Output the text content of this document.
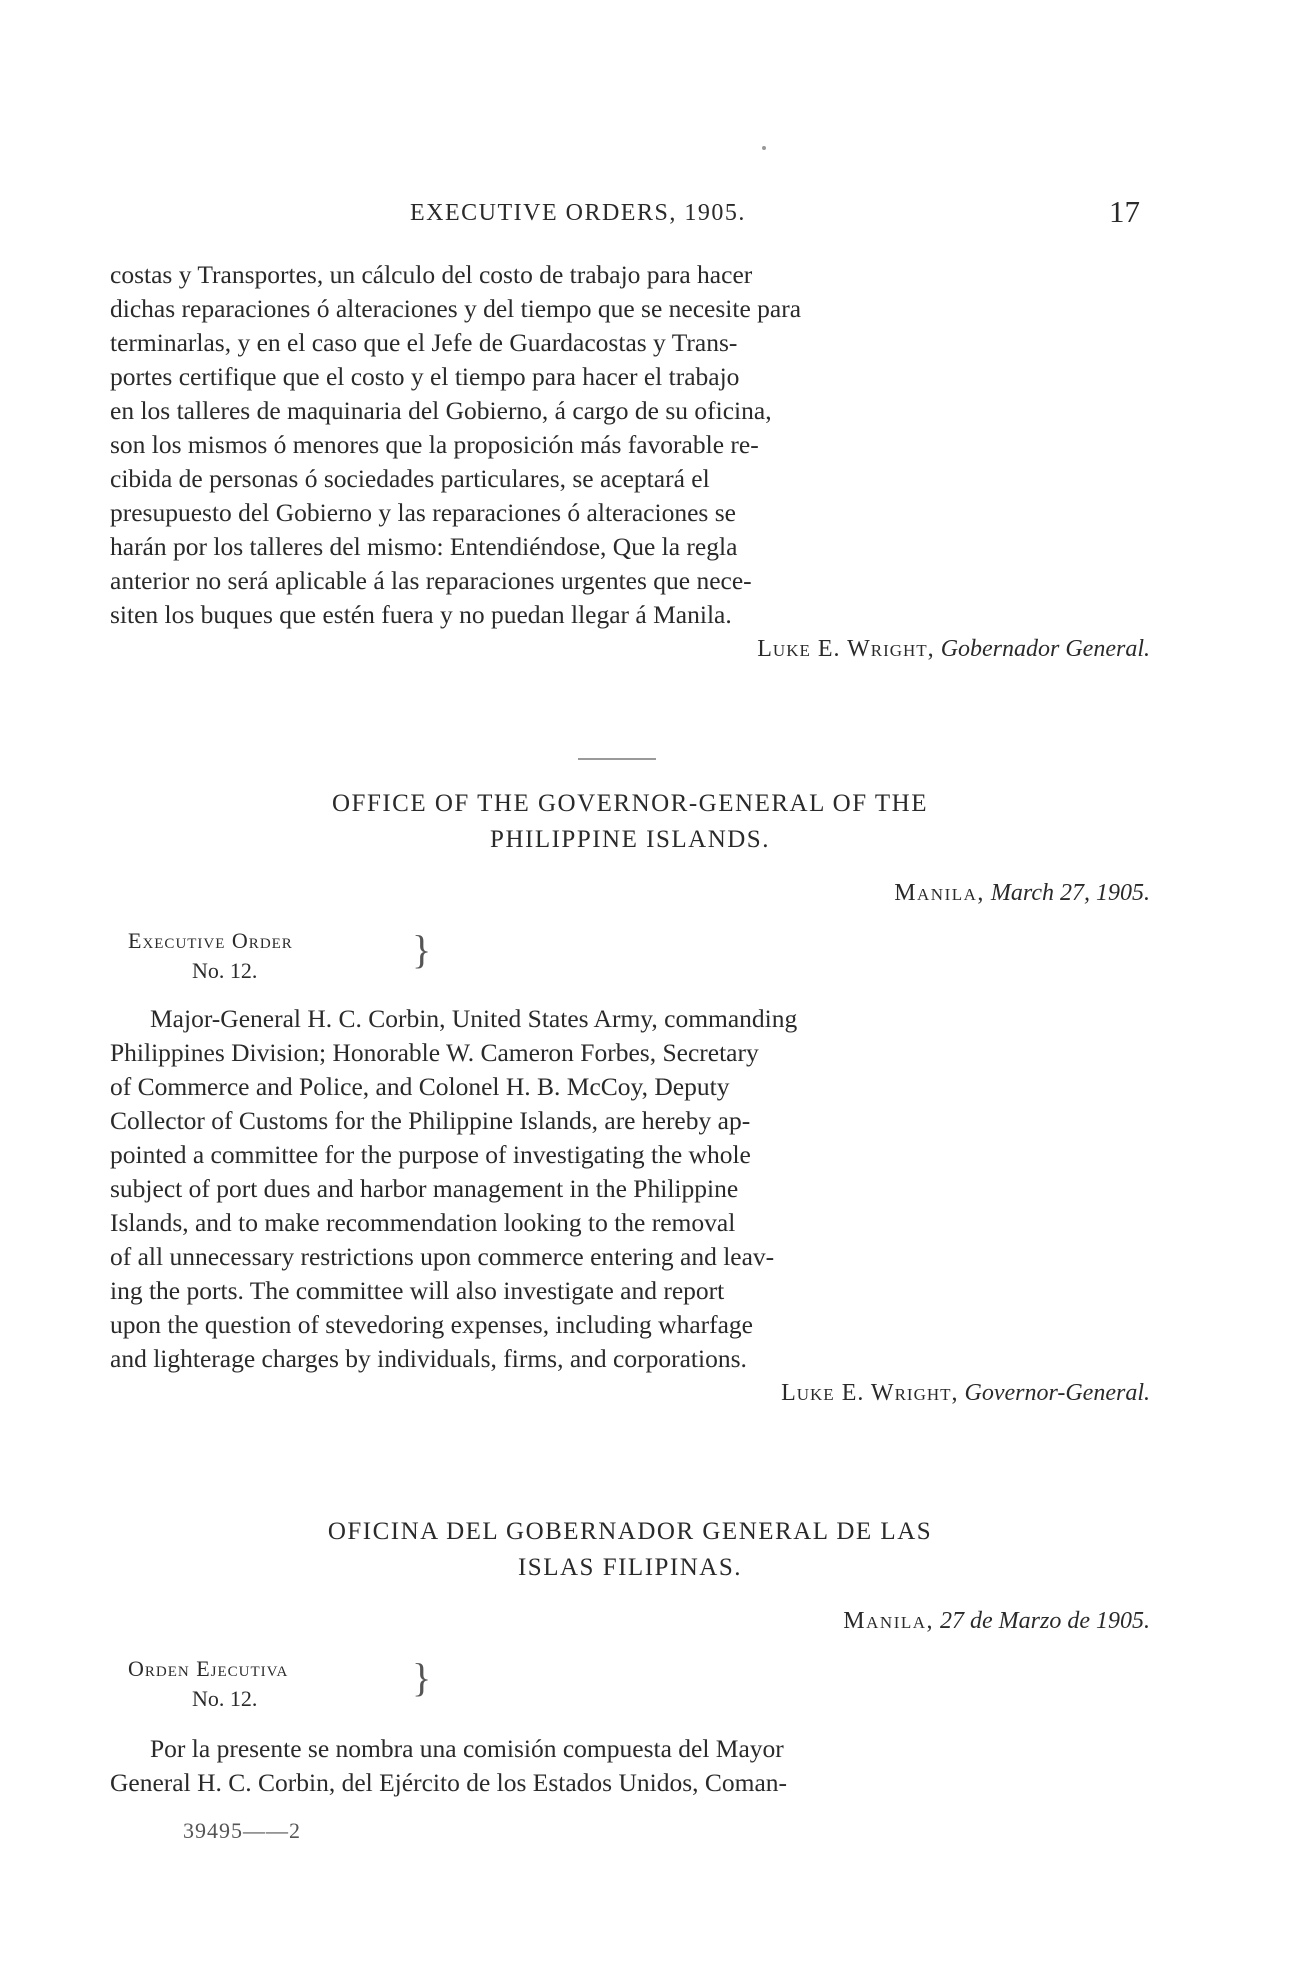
EXECUTIVE ORDERS, 1905.	17

costas y Transportes, un cálculo del costo de trabajo para hacer

dichas reparaciones ó alteraciones y del tiempo que se necesite para

terminarlas, y en el caso que el Jefe de Guardacostas y Trans-

portes certifique que el costo y el tiempo para hacer el trabajo

en los talleres de maquinaria del Gobierno, á cargo de su oficina,

son los mismos ó menores que la proposición más favorable re-

cibida de personas ó sociedades particulares, se aceptará el

presupuesto del Gobierno y las reparaciones ó alteraciones se

harán por los talleres del mismo: Entendiéndose, Que la regla

anterior no será aplicable á las reparaciones urgentes que nece-

siten los buques que estén fuera y no puedan llegar á Manila.

Luke E. Wright, Gobernador General.
OFFICE OF THE GOVERNOR-GENERAL OF THE
PHILIPPINE ISLANDS.
Manila, March 27, 1905.
Executive Order
No. 12.	}

Major-General H. C. Corbin, United States Army, commanding

Philippines Division; Honorable W. Cameron Forbes, Secretary

of Commerce and Police, and Colonel H. B. McCoy, Deputy

Collector of Customs for the Philippine Islands, are hereby ap-

pointed a committee for the purpose of investigating the whole

subject of port dues and harbor management in the Philippine

Islands, and to make recommendation looking to the removal

of all unnecessary restrictions upon commerce entering and leav-

ing the ports. The committee will also investigate and report

upon the question of stevedoring expenses, including wharfage

and lighterage charges by individuals, firms, and corporations.

Luke E. Wright, Governor-General.
OFICINA DEL GOBERNADOR GENERAL DE LAS
ISLAS FILIPINAS.
Manila, 27 de Marzo de 1905.
Orden Ejecutiva
No. 12.	}

Por la presente se nombra una comisión compuesta del Mayor

General H. C. Corbin, del Ejército de los Estados Unidos, Coman-

39495——2
